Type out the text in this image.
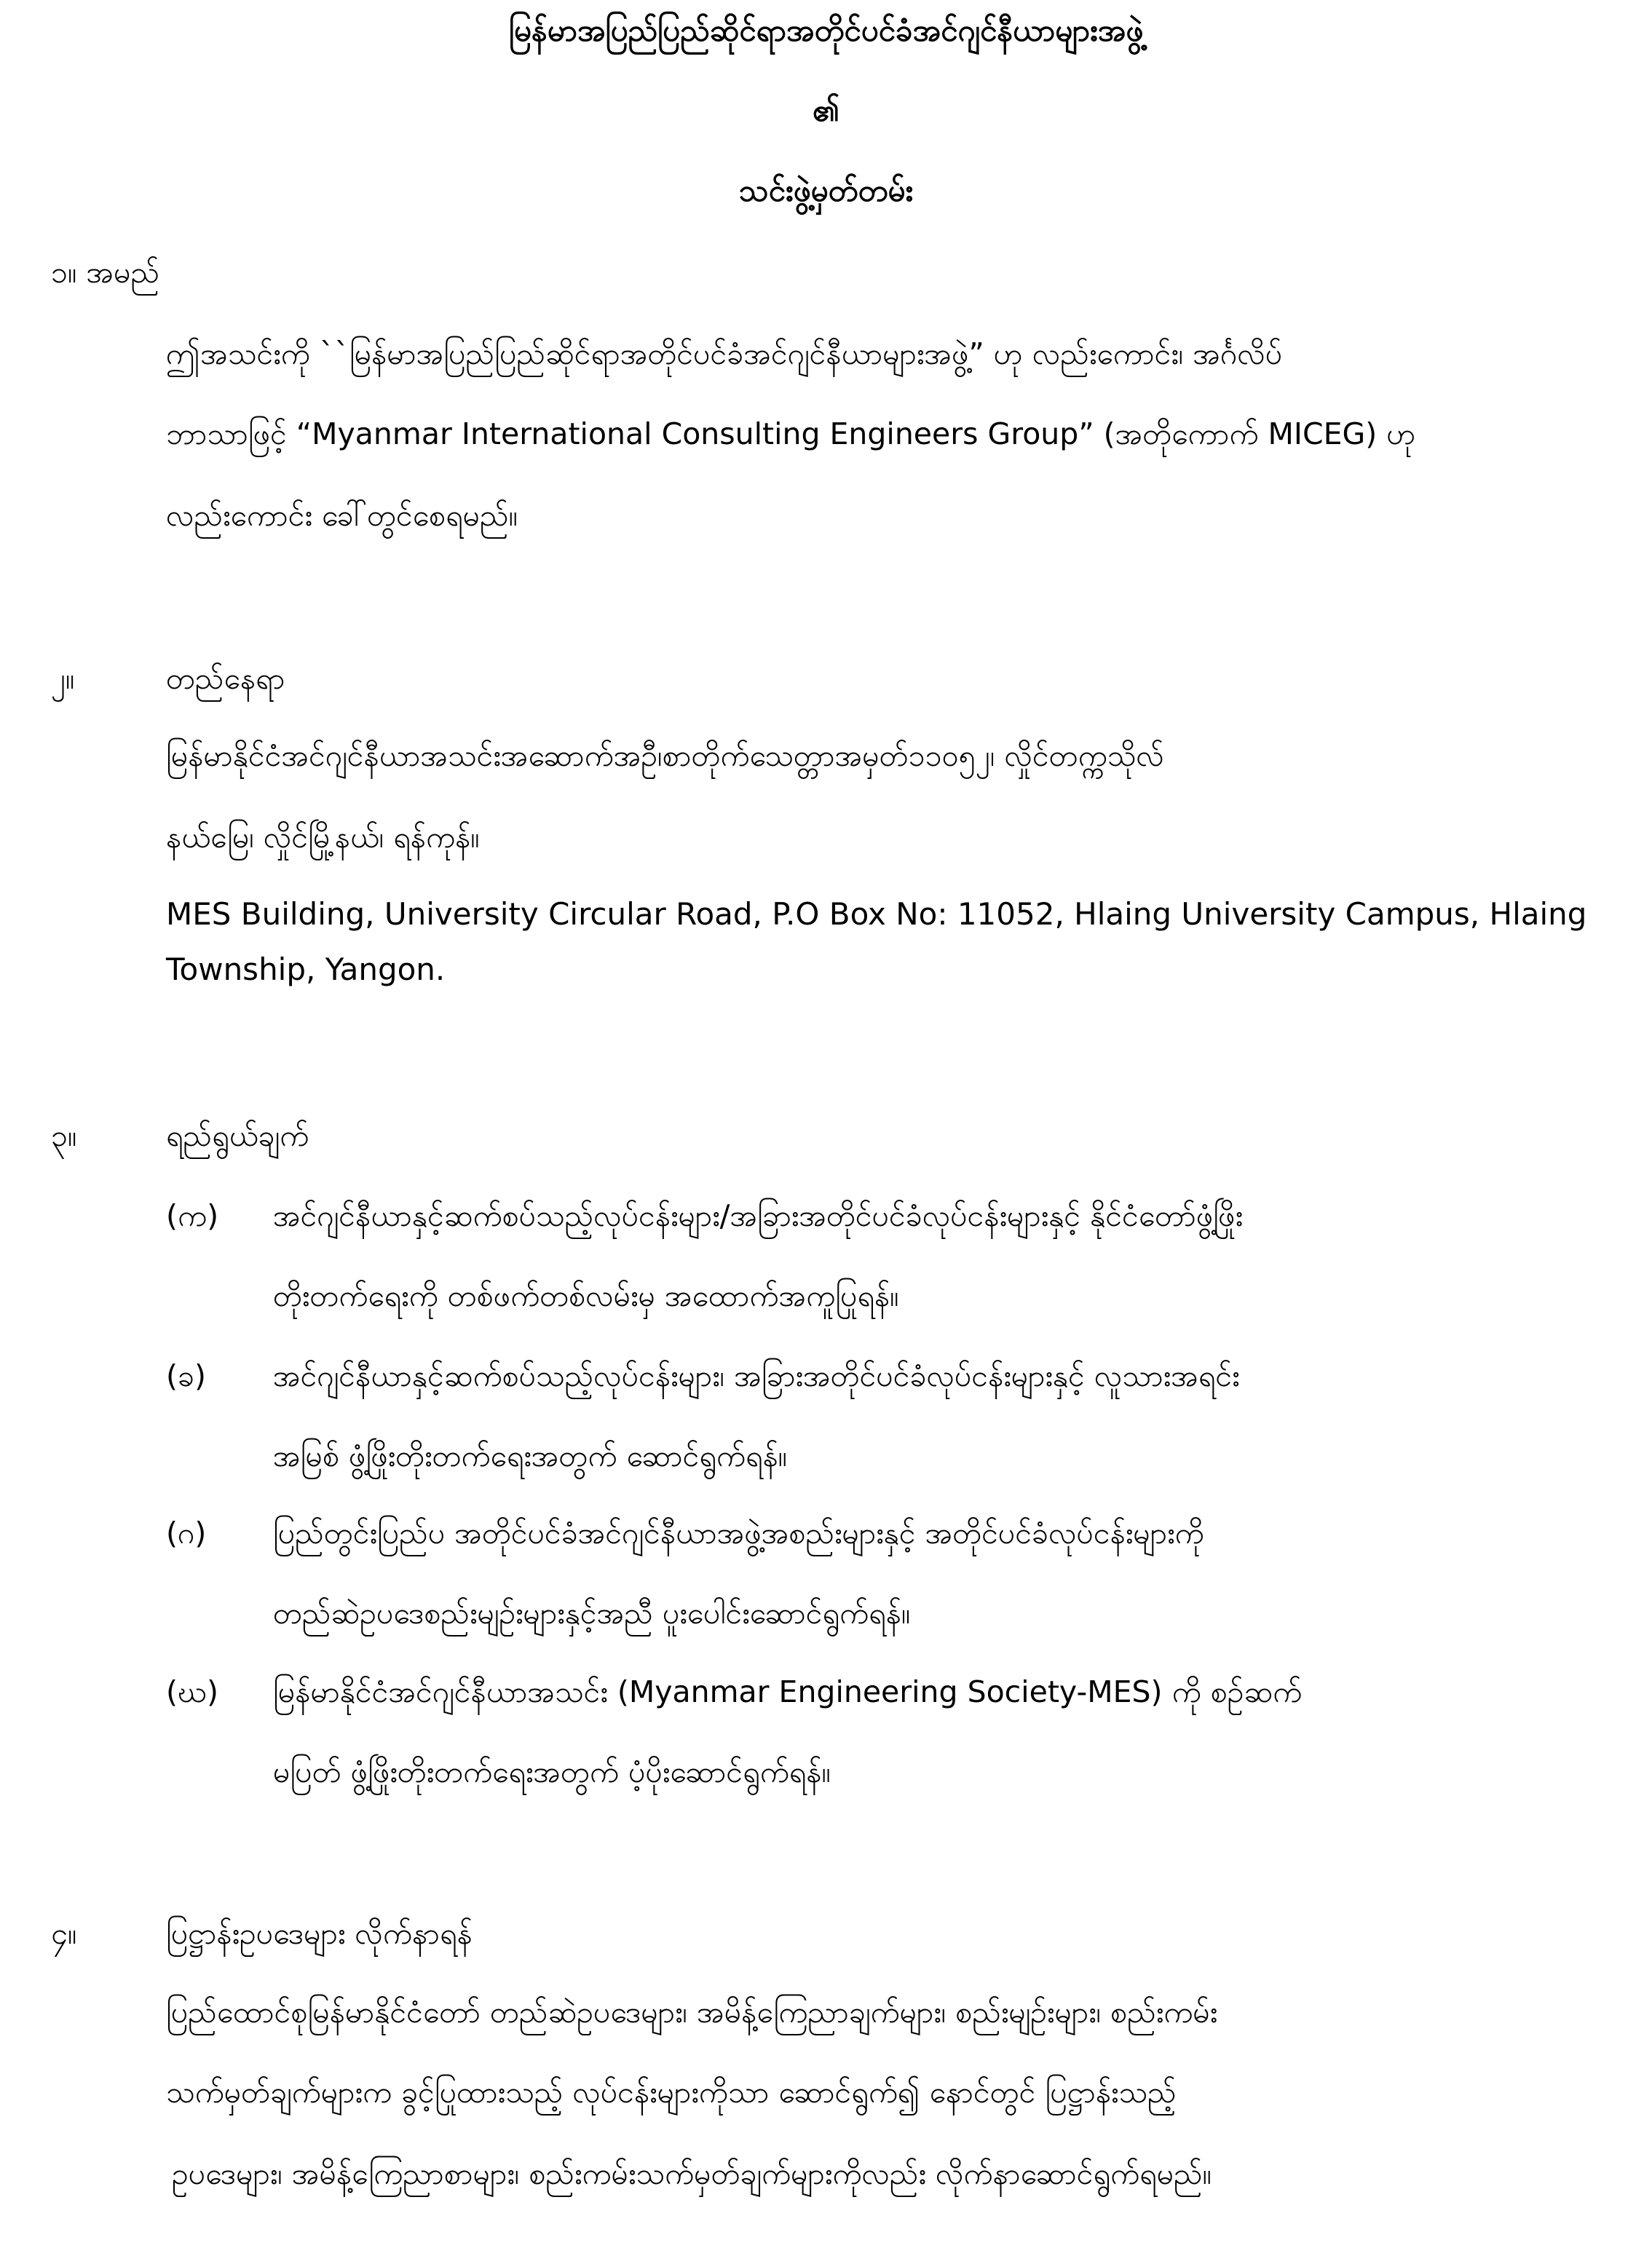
မြန်မာအပြည်ပြည်ဆိုင်ရာအတိုင်ပင်ခံအင်ဂျင်နီယာများအဖွဲ့
၏
သင်းဖွဲ့မှတ်တမ်း
၁။ အမည်
ဤအသင်းကို ``မြန်မာအပြည်ပြည်ဆိုင်ရာအတိုင်ပင်ခံအင်ဂျင်နီယာများအဖွဲ့” ဟု လည်းကောင်း၊ အင်္ဂလိပ်
ဘာသာဖြင့် “Myanmar International Consulting Engineers Group” (အတိုကောက် MICEG) ဟု
လည်းကောင်း ခေါ်တွင်စေရမည်။
၂။	တည်နေရာ
မြန်မာနိုင်ငံအင်ဂျင်နီယာအသင်းအဆောက်အဦ၊စာတိုက်သေတ္တာအမှတ်၁၁၀၅၂၊ လှိုင်တက္ကသိုလ်
နယ်မြေ၊ လှိုင်မြို့နယ်၊ ရန်ကုန်။
MES Building, University Circular Road, P.O Box No: 11052, Hlaing University Campus, Hlaing
Township, Yangon.
၃။	ရည်ရွယ်ချက်
(က) အင်ဂျင်နီယာနှင့်ဆက်စပ်သည့်လုပ်ငန်းများ/အခြားအတိုင်ပင်ခံလုပ်ငန်းများနှင့် နိုင်ငံတော်ဖွံ့ဖြိုး
တိုးတက်ရေးကို တစ်ဖက်တစ်လမ်းမှ အထောက်အကူပြုရန်။
(ခ) အင်ဂျင်နီယာနှင့်ဆက်စပ်သည့်လုပ်ငန်းများ၊ အခြားအတိုင်ပင်ခံလုပ်ငန်းများနှင့် လူသားအရင်း
အမြစ် ဖွံ့ဖြိုးတိုးတက်ရေးအတွက် ဆောင်ရွက်ရန်။
(ဂ) ပြည်တွင်းပြည်ပ အတိုင်ပင်ခံအင်ဂျင်နီယာအဖွဲ့အစည်းများနှင့် အတိုင်ပင်ခံလုပ်ငန်းများကို
တည်ဆဲဥပဒေစည်းမျဉ်းများနှင့်အညီ ပူးပေါင်းဆောင်ရွက်ရန်။
(ဃ) မြန်မာနိုင်ငံအင်ဂျင်နီယာအသင်း (Myanmar Engineering Society-MES) ကို စဉ်ဆက်
မပြတ် ဖွံ့ဖြိုးတိုးတက်ရေးအတွက် ပံ့ပိုးဆောင်ရွက်ရန်။
၄။	ပြဋ္ဌာန်းဥပဒေများ လိုက်နာရန်
ပြည်ထောင်စုမြန်မာနိုင်ငံတော် တည်ဆဲဥပဒေများ၊ အမိန့်ကြေညာချက်များ၊ စည်းမျဉ်းများ၊ စည်းကမ်း
သက်မှတ်ချက်များက ခွင့်ပြုထားသည့် လုပ်ငန်းများကိုသာ ဆောင်ရွက်၍ နောင်တွင် ပြဋ္ဌာန်းသည့်
ဥပဒေများ၊ အမိန့်ကြေညာစာများ၊ စည်းကမ်းသက်မှတ်ချက်များကိုလည်း လိုက်နာဆောင်ရွက်ရမည်။
